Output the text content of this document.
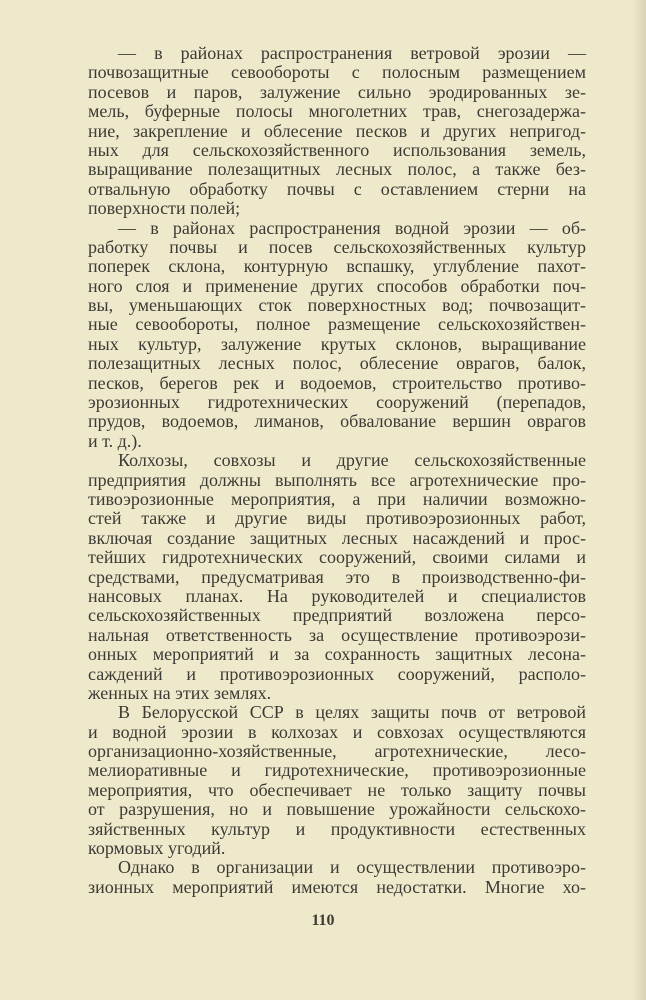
— в районах распространения ветровой эрозии —
почвозащитные севообороты с полосным размещением
посевов и паров, залужение сильно эродированных зе-
мель, буферные полосы многолетних трав, снегозадержа-
ние, закрепление и облесение песков и других непригод-
ных для сельскохозяйственного использования земель,
выращивание полезащитных лесных полос, а также без-
отвальную обработку почвы с оставлением стерни на
поверхности полей;
— в районах распространения водной эрозии — об-
работку почвы и посев сельскохозяйственных культур
поперек склона, контурную вспашку, углубление пахот-
ного слоя и применение других способов обработки поч-
вы, уменьшающих сток поверхностных вод; почвозащит-
ные севообороты, полное размещение сельскохозяйствен-
ных культур, залужение крутых склонов, выращивание
полезащитных лесных полос, облесение оврагов, балок,
песков, берегов рек и водоемов, строительство противо-
эрозионных гидротехнических сооружений (перепадов,
прудов, водоемов, лиманов, обвалование вершин оврагов
и т. д.).
Колхозы, совхозы и другие сельскохозяйственные
предприятия должны выполнять все агротехнические про-
тивоэрозионные мероприятия, а при наличии возможно-
стей также и другие виды противоэрозионных работ,
включая создание защитных лесных насаждений и прос-
тейших гидротехнических сооружений, своими силами и
средствами, предусматривая это в производственно-фи-
нансовых планах. На руководителей и специалистов
сельскохозяйственных предприятий возложена персо-
нальная ответственность за осуществление противоэрози-
онных мероприятий и за сохранность защитных лесона-
саждений и противоэрозионных сооружений, располо-
женных на этих землях.
В Белорусской ССР в целях защиты почв от ветровой
и водной эрозии в колхозах и совхозах осуществляются
организационно-хозяйственные, агротехнические, лесо-
мелиоративные и гидротехнические, противоэрозионные
мероприятия, что обеспечивает не только защиту почвы
от разрушения, но и повышение урожайности сельскохо-
зяйственных культур и продуктивности естественных
кормовых угодий.
Однако в организации и осуществлении противоэро-
зионных мероприятий имеются недостатки. Многие хо-
110
